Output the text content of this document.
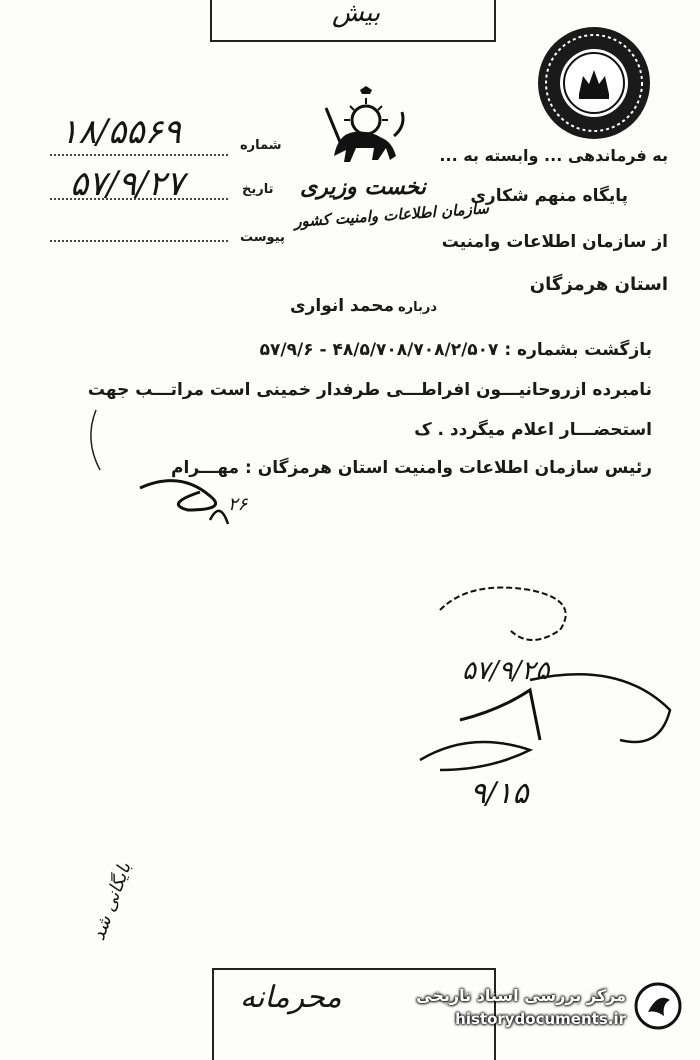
بیش
نخست وزیری
سازمان اطلاعات وامنیت کشور
شماره
۱۸/۵۵۶۹
تاریخ
۵۷/۹/۲۷
پیوست
به فرماندهی ... وابسته به ...
پایگاه منهم شکاری
از سازمان اطلاعات وامنیت
استان هرمزگان
درباره
محمد انواری
بازگشت بشماره : ۴۸/۵/۷۰۸/۷۰۸/۲/۵۰۷ - ۵۷/۹/۶
نامبرده ازروحانیـــون افراطـــی طرفدار خمینی است مراتـــب جهت
استحضـــار اعلام میگردد . ک
رئیس سازمان اطلاعات وامنیت استان هرمزگان : مهـــرام
۲۶
۵۷/۹/۲۵
۹/۱۵
بایگانی شد
محرمانه	مرکز بررسی اسناد تاریخی
historydocuments.ir
